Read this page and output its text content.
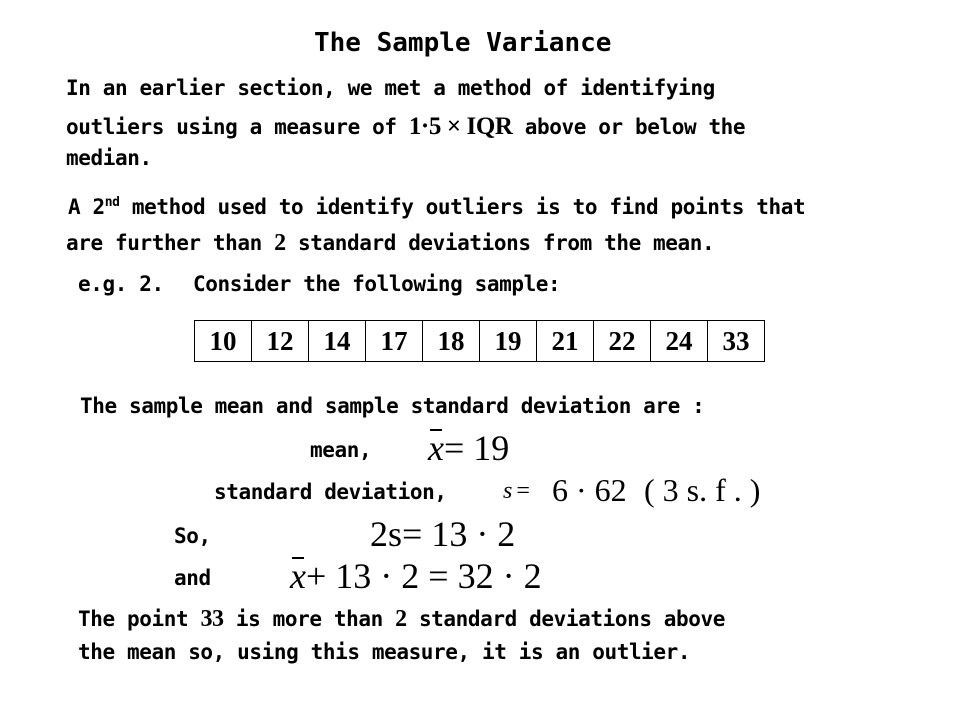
The Sample Variance
In an earlier section, we met a method of identifying
outliers using a measure of 1·5 × IQR above or below the
median.
A 2nd method used to identify outliers is to find points that
are further than 2 standard deviations from the mean.
e.g. 2. Consider the following sample:
10	12	14	17	18	19	21	22	24	33
The sample mean and sample standard deviation are :
mean, x= 19
standard deviation, s = 6 · 62 ( 3 s. f . )
So,	2s= 13 · 2
and x+ 13 · 2 = 32 · 2
The point 33 is more than 2 standard deviations above
the mean so, using this measure, it is an outlier.
